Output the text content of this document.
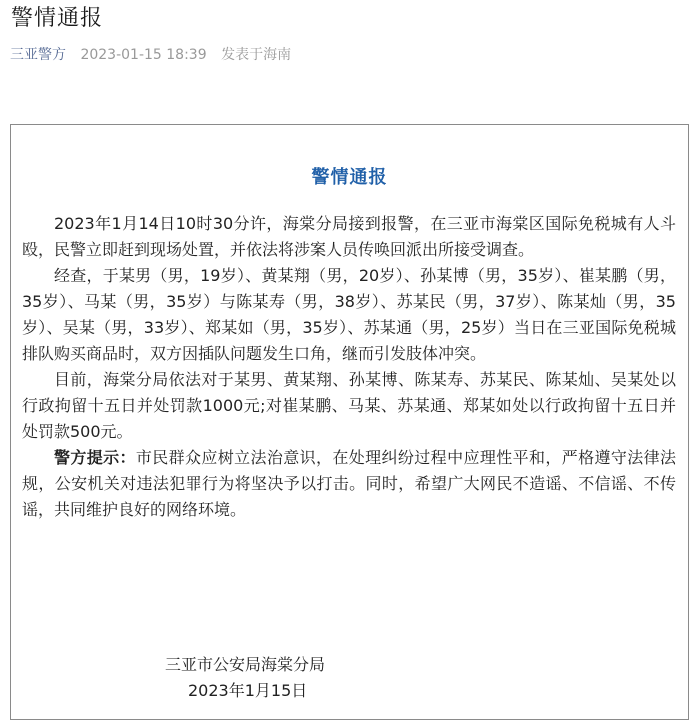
警情通报
三亚警方 2023-01-15 18:39 发表于海南
警情通报

2023年1月14日10时30分许，海棠分局接到报警，在三亚市海棠区国际免税城有人斗殴，民警立即赶到现场处置，并依法将涉案人员传唤回派出所接受调查。

经查，于某男（男，19岁）、黄某翔（男，20岁）、孙某博（男，35岁）、崔某鹏（男，35岁）、马某（男，35岁）与陈某寿（男，38岁）、苏某民（男，37岁）、陈某灿（男，35岁）、吴某（男，33岁）、郑某如（男，35岁）、苏某通（男，25岁）当日在三亚国际免税城排队购买商品时，双方因插队问题发生口角，继而引发肢体冲突。

目前，海棠分局依法对于某男、黄某翔、孙某博、陈某寿、苏某民、陈某灿、吴某处以行政拘留十五日并处罚款1000元;对崔某鹏、马某、苏某通、郑某如处以行政拘留十五日并处罚款500元。

警方提示：市民群众应树立法治意识，在处理纠纷过程中应理性平和，严格遵守法律法规，公安机关对违法犯罪行为将坚决予以打击。同时，希望广大网民不造谣、不信谣、不传谣，共同维护良好的网络环境。

三亚市公安局海棠分局
2023年1月15日
